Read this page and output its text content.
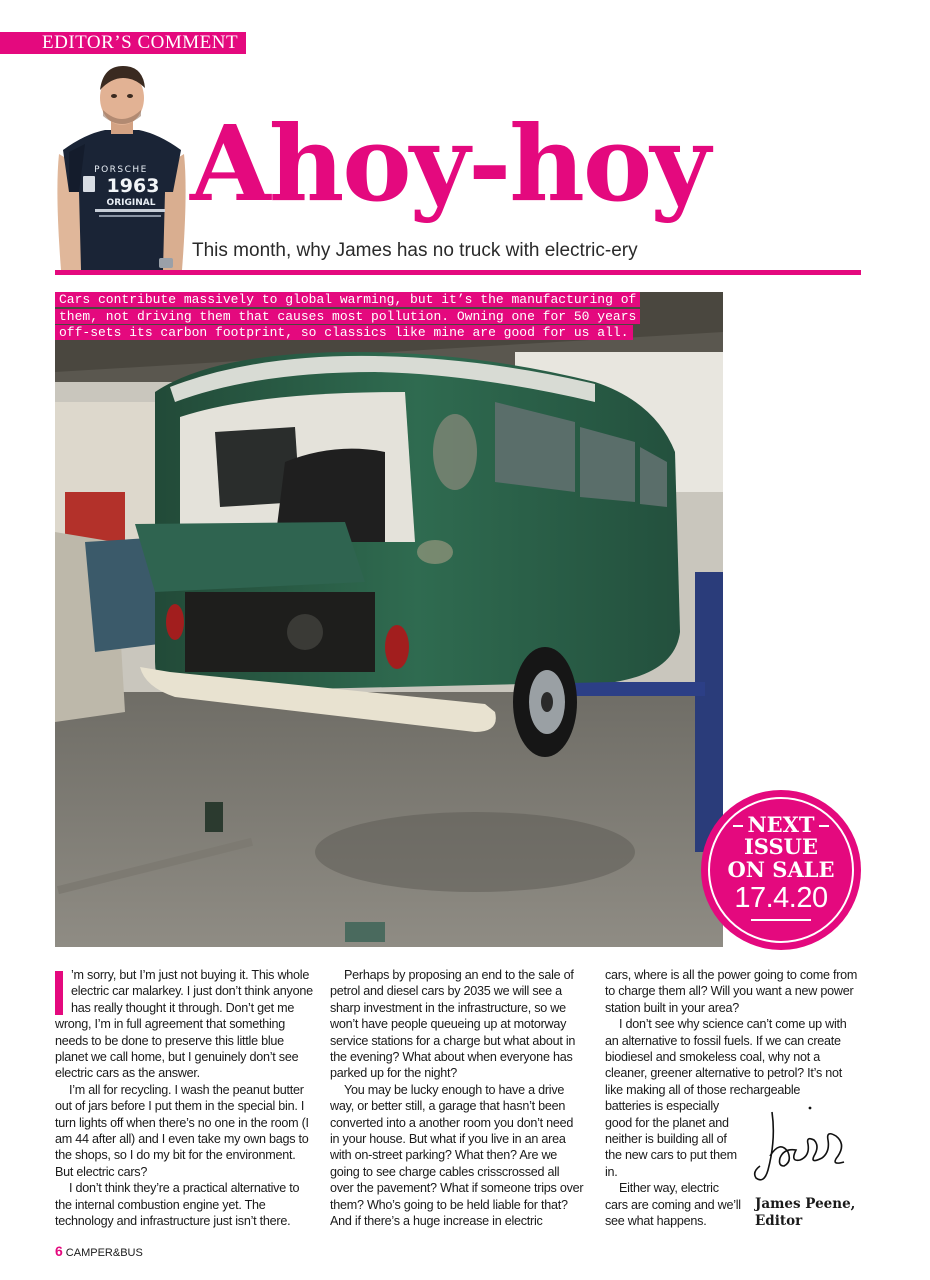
EDITOR’S COMMENT
PORSCHE
1963
ORIGINAL Ahoy-hoy
This month, why James has no truck with electric-ery
Cars contribute massively to global warming, but it’s the manufacturing of them, not driving them that causes most pollution. Owning one for 50 years off-sets its carbon footprint, so classics like mine are good for us all.
NEXT
ISSUE
ON SALE
17.4.20

’m sorry, but I’m just not buying it. This whole electric car malarkey. I just don’t think anyone has really thought it through. Don’t get me wrong, I’m in full agreement that something needs to be done to preserve this little blue planet we call home, but I genuinely don’t see electric cars as the answer.

I’m all for recycling. I wash the peanut butter out of jars before I put them in the special bin. I turn lights off when there’s no one in the room (I am 44 after all) and I even take my own bags to the shops, so I do my bit for the environment. But electric cars?

I don’t think they’re a practical alternative to the internal combustion engine yet. The technology and infrastructure just isn’t there.

Perhaps by proposing an end to the sale of petrol and diesel cars by 2035 we will see a sharp investment in the infrastructure, so we won’t have people queueing up at motorway service stations for a charge but what about in the evening? What about when everyone has parked up for the night?

You may be lucky enough to have a drive way, or better still, a garage that hasn’t been converted into a another room you don’t need in your house. But what if you live in an area with on-street parking? What then? Are we going to see charge cables crisscrossed all over the pavement? What if someone trips over them? Who’s going to be held liable for that? And if there’s a huge increase in electric

cars, where is all the power going to come from to charge them all? Will you want a new power station built in your area?

I don’t see why science can’t come up with an alternative to fossil fuels. If we can create biodiesel and smokeless coal, why not a cleaner, greener alternative to petrol? It’s not like making all of those rechargeable

batteries is especially good for the planet and neither is building all of the new cars to put them in.

Either way, electric cars are coming and we’ll see what happens.

James Peene,
Editor
6 CAMPER&BUS
